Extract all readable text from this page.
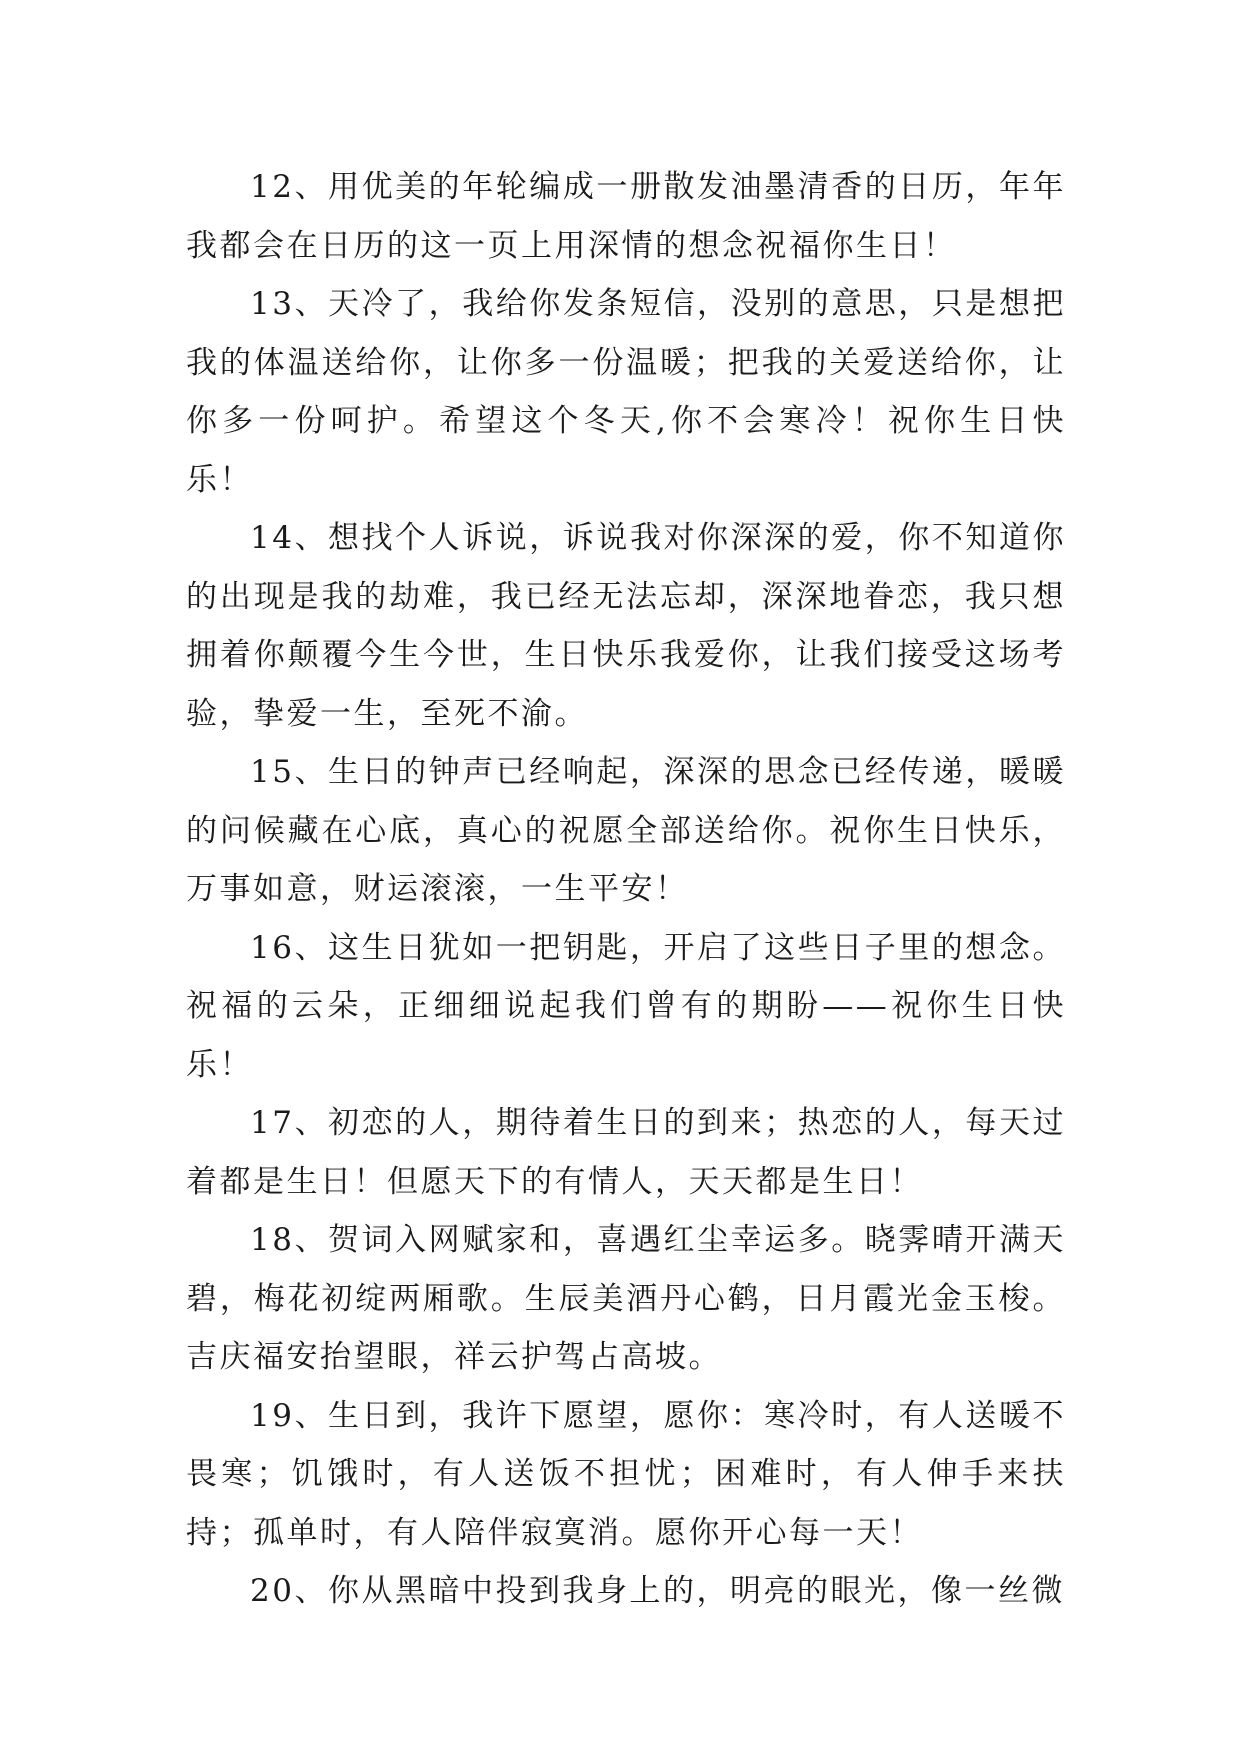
12、用优美的年轮编成一册散发油墨清香的日历，年年我都会在日历的这一页上用深情的想念祝福你生日！

13、天冷了，我给你发条短信，没别的意思，只是想把我的体温送给你，让你多一份温暖；把我的关爱送给你，让你多一份呵护。希望这个冬天,你不会寒冷！祝你生日快乐！

14、想找个人诉说，诉说我对你深深的爱，你不知道你的出现是我的劫难，我已经无法忘却，深深地眷恋，我只想拥着你颠覆今生今世，生日快乐我爱你，让我们接受这场考验，挚爱一生，至死不渝。

15、生日的钟声已经响起，深深的思念已经传递，暖暖的问候藏在心底，真心的祝愿全部送给你。祝你生日快乐，万事如意，财运滚滚，一生平安！

16、这生日犹如一把钥匙，开启了这些日子里的想念。祝福的云朵，正细细说起我们曾有的期盼——祝你生日快乐！

17、初恋的人，期待着生日的到来；热恋的人，每天过着都是生日！但愿天下的有情人，天天都是生日！

18、贺词入网赋家和，喜遇红尘幸运多。晓霁晴开满天碧，梅花初绽两厢歌。生辰美酒丹心鹤，日月霞光金玉梭。吉庆福安抬望眼，祥云护驾占高坡。

19、生日到，我许下愿望，愿你：寒冷时，有人送暖不畏寒；饥饿时，有人送饭不担忧；困难时，有人伸手来扶持；孤单时，有人陪伴寂寞消。愿你开心每一天！

20、你从黑暗中投到我身上的，明亮的眼光，像一丝微
